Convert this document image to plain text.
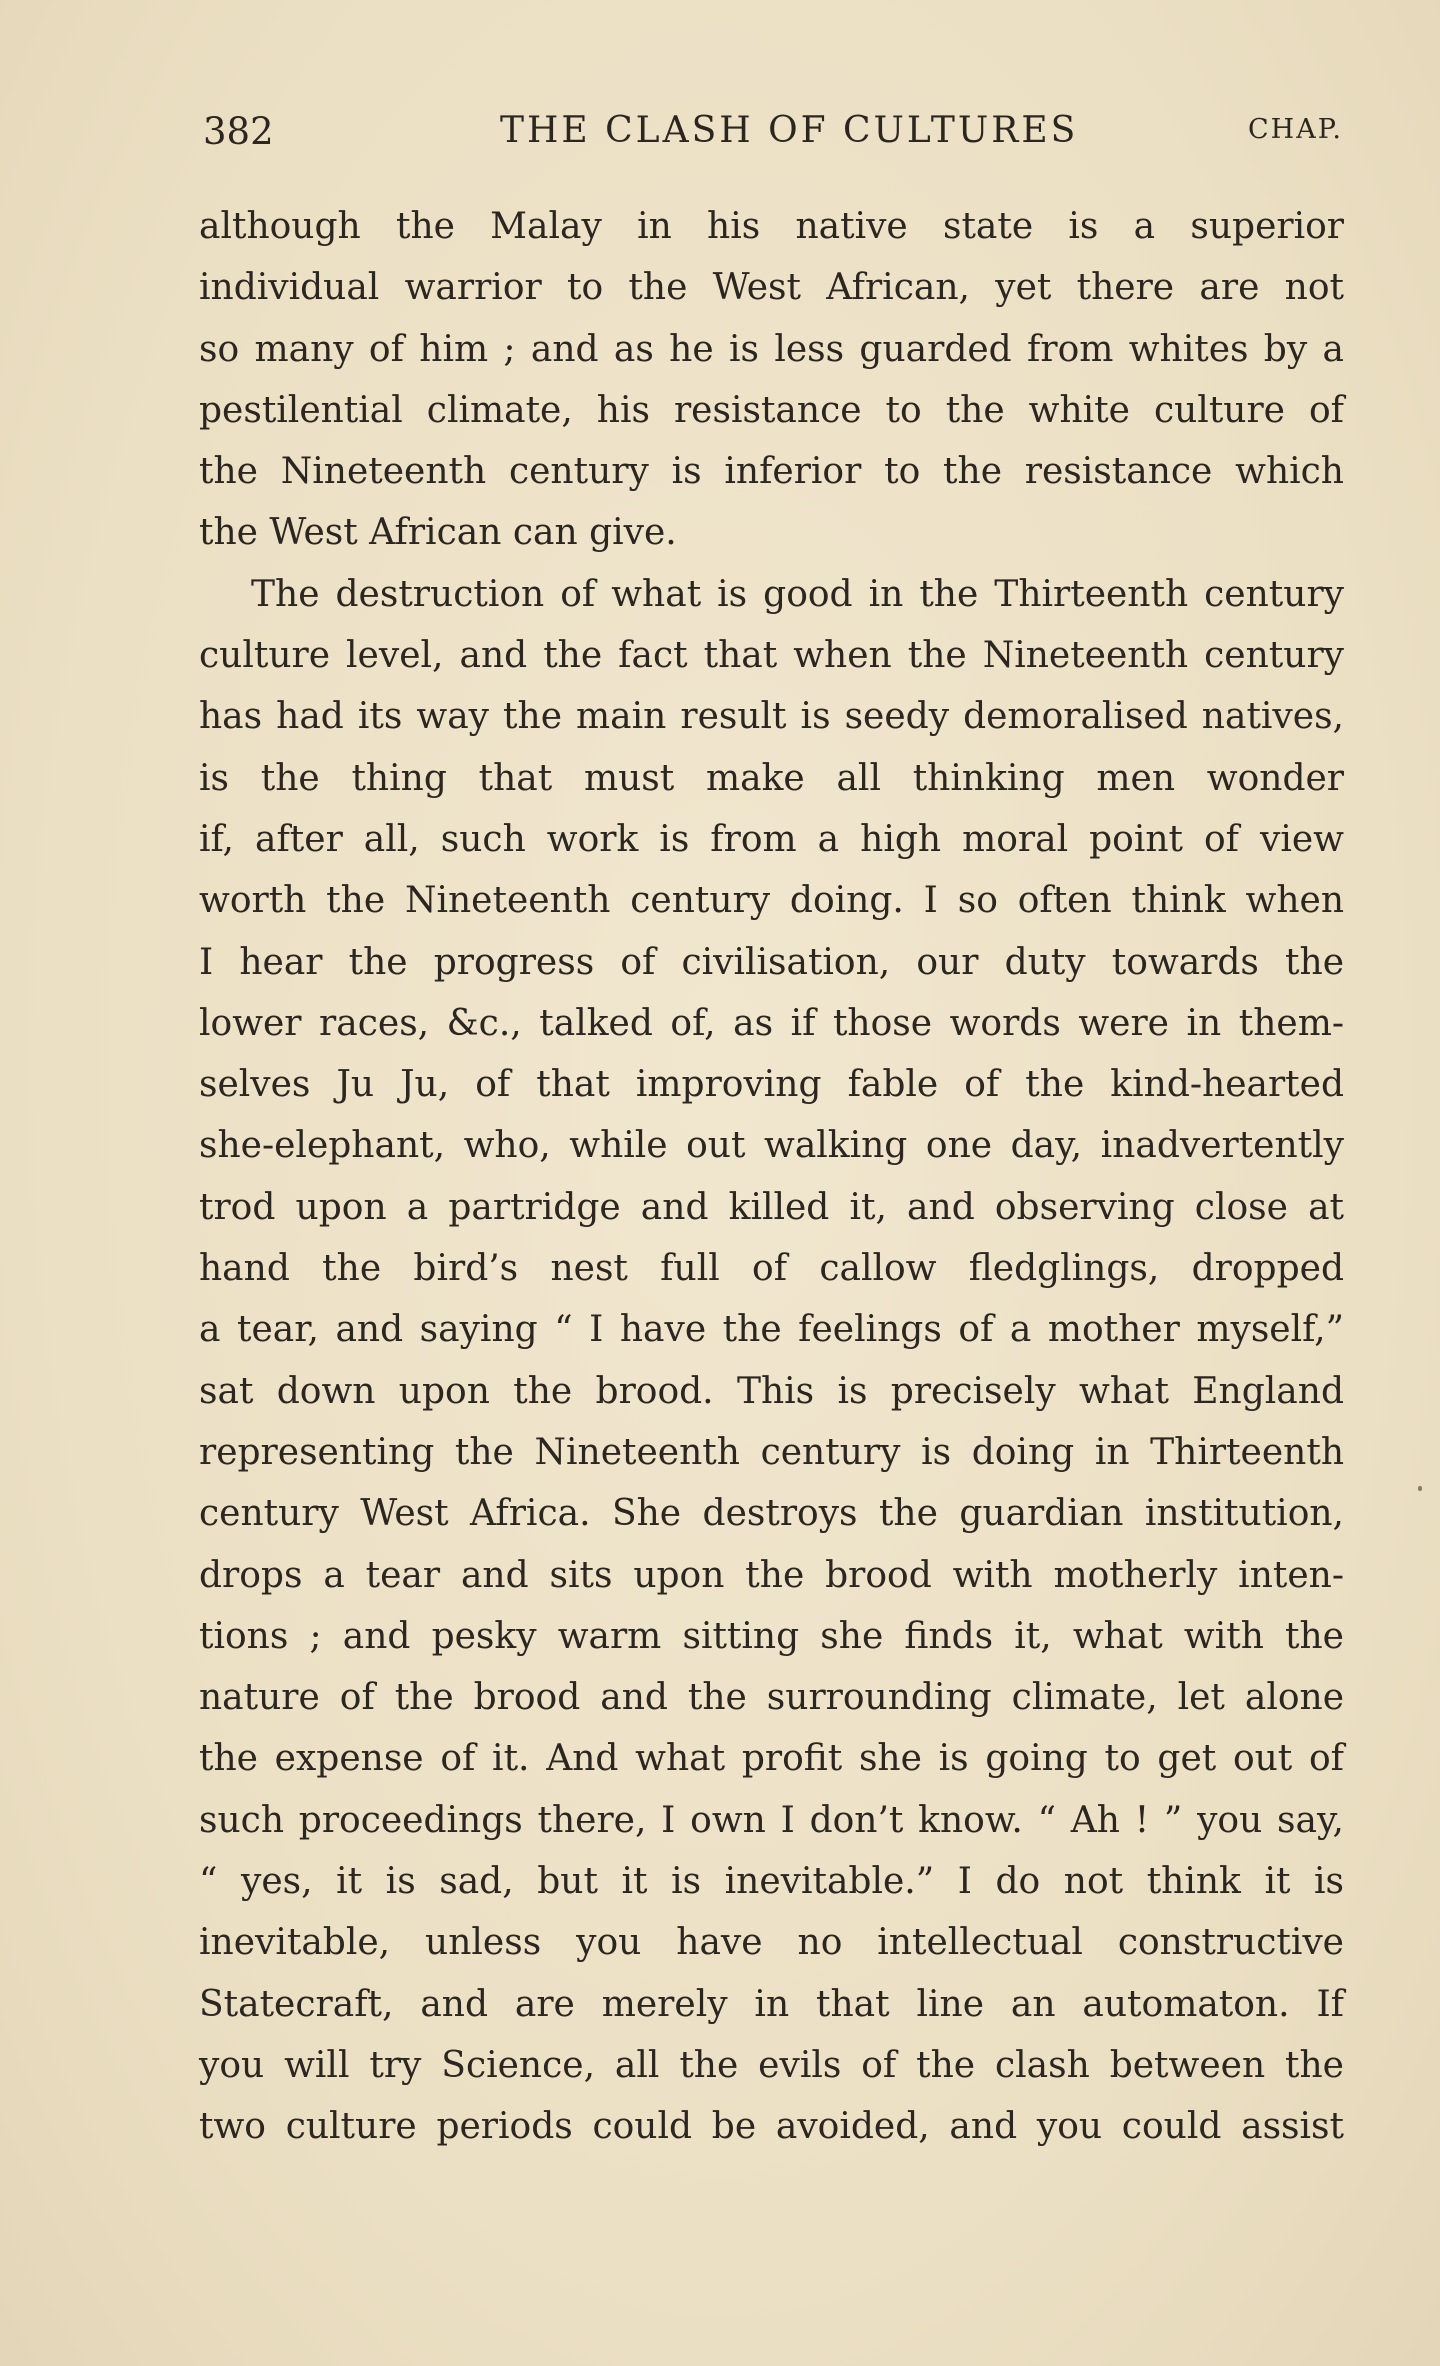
382	THE CLASH OF CULTURES	CHAP.
although the Malay in his native state is a superior
individual warrior to the West African, yet there are not
so many of him ; and as he is less guarded from whites by a
pestilential climate, his resistance to the white culture of
the Nineteenth century is inferior to the resistance which
the West African can give.
The destruction of what is good in the Thirteenth century
culture level, and the fact that when the Nineteenth century
has had its way the main result is seedy demoralised natives,
is the thing that must make all thinking men wonder
if, after all, such work is from a high moral point of view
worth the Nineteenth century doing. I so often think when
I hear the progress of civilisation, our duty towards the
lower races, &c., talked of, as if those words were in them-
selves Ju Ju, of that improving fable of the kind-hearted
she-elephant, who, while out walking one day, inadvertently
trod upon a partridge and killed it, and observing close at
hand the bird’s nest full of callow fledglings, dropped
a tear, and saying “ I have the feelings of a mother myself,”
sat down upon the brood. This is precisely what England
representing the Nineteenth century is doing in Thirteenth
century West Africa. She destroys the guardian institution,
drops a tear and sits upon the brood with motherly inten-
tions ; and pesky warm sitting she finds it, what with the
nature of the brood and the surrounding climate, let alone
the expense of it. And what profit she is going to get out of
such proceedings there, I own I don’t know. “ Ah ! ” you say,
“ yes, it is sad, but it is inevitable.” I do not think it is
inevitable, unless you have no intellectual constructive
Statecraft, and are merely in that line an automaton. If
you will try Science, all the evils of the clash between the
two culture periods could be avoided, and you could assist
